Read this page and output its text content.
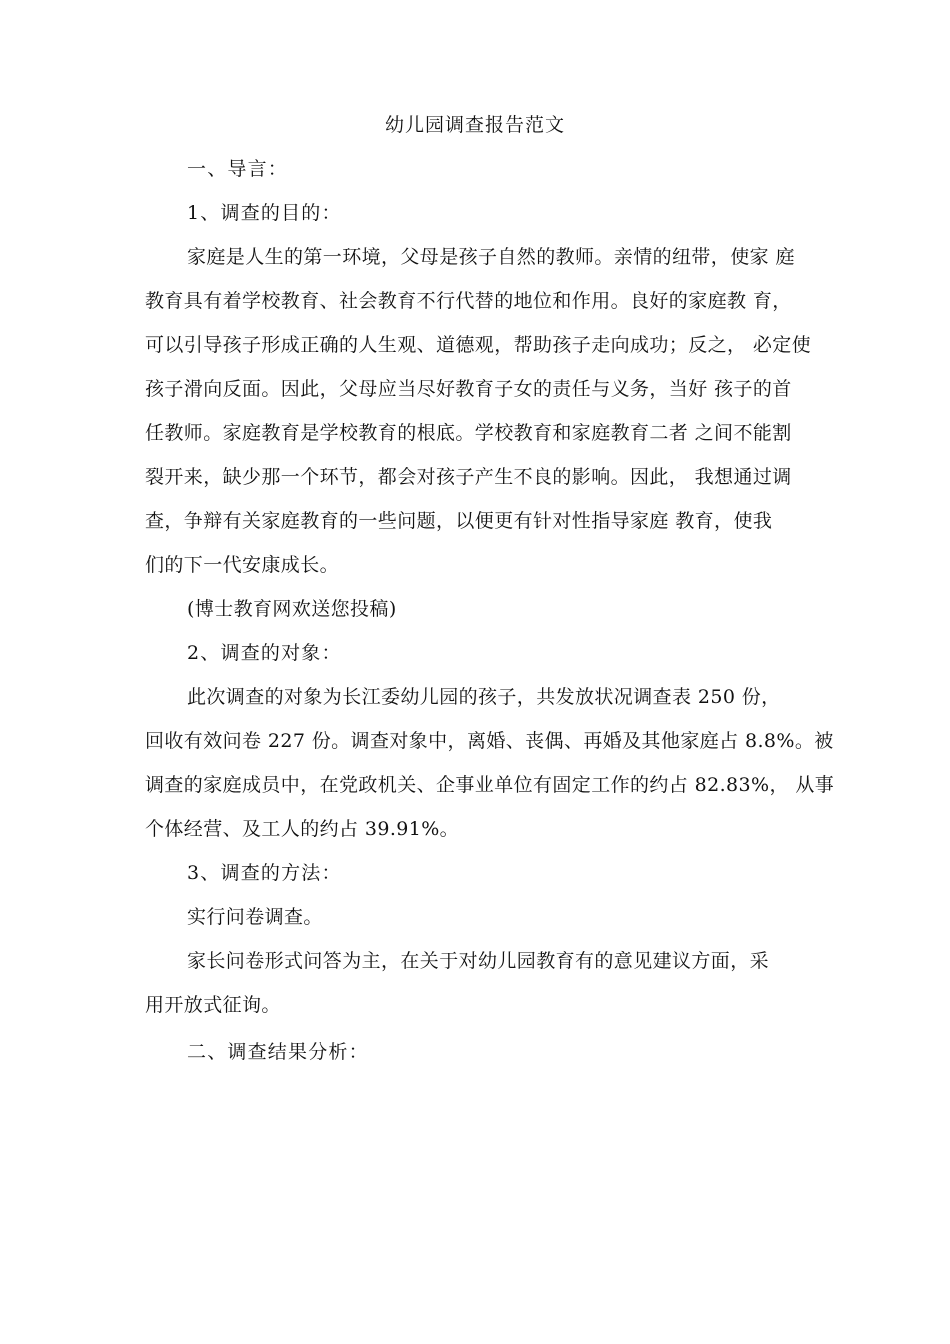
幼儿园调查报告范文
一、导言：
1、调查的目的：
家庭是人生的第一环境，父母是孩子自然的教师。亲情的纽带，使家 庭
教育具有着学校教育、社会教育不行代替的地位和作用。良好的家庭教 育，
可以引导孩子形成正确的人生观、道德观，帮助孩子走向成功；反之， 必定使
孩子滑向反面。因此，父母应当尽好教育子女的责任与义务，当好 孩子的首
任教师。家庭教育是学校教育的根底。学校教育和家庭教育二者 之间不能割
裂开来，缺少那一个环节，都会对孩子产生不良的影响。因此， 我想通过调
查，争辩有关家庭教育的一些问题，以便更有针对性指导家庭 教育，使我
们的下一代安康成长。
(博士教育网欢送您投稿)
2、调查的对象：
此次调查的对象为长江委幼儿园的孩子，共发放状况调查表 250 份，
回收有效问卷 227 份。调查对象中，离婚、丧偶、再婚及其他家庭占 8.8%。被
调查的家庭成员中，在党政机关、企事业单位有固定工作的约占 82.83%， 从事
个体经营、及工人的约占 39.91%。
3、调查的方法：
实行问卷调查。
家长问卷形式问答为主，在关于对幼儿园教育有的意见建议方面，采
用开放式征询。
二、调查结果分析：
